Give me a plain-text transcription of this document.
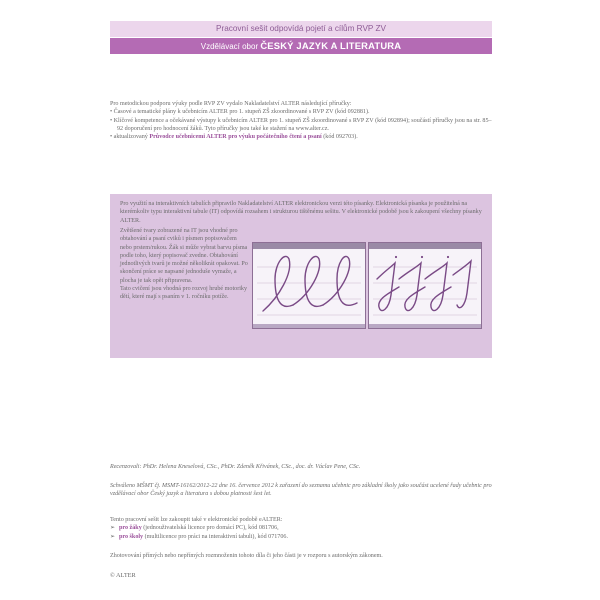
Pracovní sešit odpovídá pojetí a cílům RVP ZV
Vzdělávací obor ČESKÝ JAZYK A LITERATURA
Pro metodickou podporu výuky podle RVP ZV vydalo Nakladatelství ALTER následující příručky:
• Časové a tematické plány k učebnicím ALTER pro 1. stupeň ZŠ zkoordinované s RVP ZV (kód 092881).
• Klíčové kompetence a očekávané výstupy k učebnicím ALTER pro 1. stupeň ZŠ zkoordinované s RVP ZV (kód 092894); součástí příručky jsou na str. 85–92 doporučení pro hodnocení žáků. Tyto příručky jsou také ke stažení na www.alter.cz.
• aktualizovaný Průvodce učebnicemi ALTER pro výuku počátečního čtení a psaní (kód 092703).
Pro využití na interaktivních tabulích připravilo Nakladatelství ALTER elektronickou verzi této písanky. Elektronická písanka je použitelná na kterémkoliv typu interaktivní tabule (IT) odpovídá rozsahem i strukturou tištěnému sešitu. V elektronické podobě jsou k zakoupení všechny písanky ALTER.

Zvětšené tvary zobrazené na IT jsou vhodné pro obtahování a psaní cviků i písmen popisovačem nebo prstem/rukou. Žák si může vybrat barvu písma podle toho, který popisovač zvedne. Obtahování jednotlivých tvarů je možné několikrát opakovat. Po skončení práce se napsané jednoduše vymaže, a plocha je tak opět připravena.

Tato cvičení jsou vhodná pro rozvoj hrubé motoriky dětí, které mají s psaním v 1. ročníku potíže.

Recenzovali: PhDr. Helena Kneselová, CSc., PhDr. Zdeněk Křivánek, CSc., doc. dr. Václav Pene, CSc.
Schváleno MŠMT čj. MSMT-16162/2012-22 dne 16. července 2012 k zařazení do seznamu učebnic pro základní školy jako součást ucelené řady učebnic pro vzdělávací obor Český jazyk a literatura s dobou platnosti šest let.
Tento pracovní sešit lze zakoupit také v elektronické podobě eALTER:
➢ pro žáky (jednouživatelská licence pro domácí PC), kód 081706,
➢ pro školy (multilicence pro práci na interaktivní tabuli), kód 071706.
Zhotovování přímých nebo nepřímých rozmnoženin tohoto díla či jeho části je v rozporu s autorským zákonem.
© ALTER
